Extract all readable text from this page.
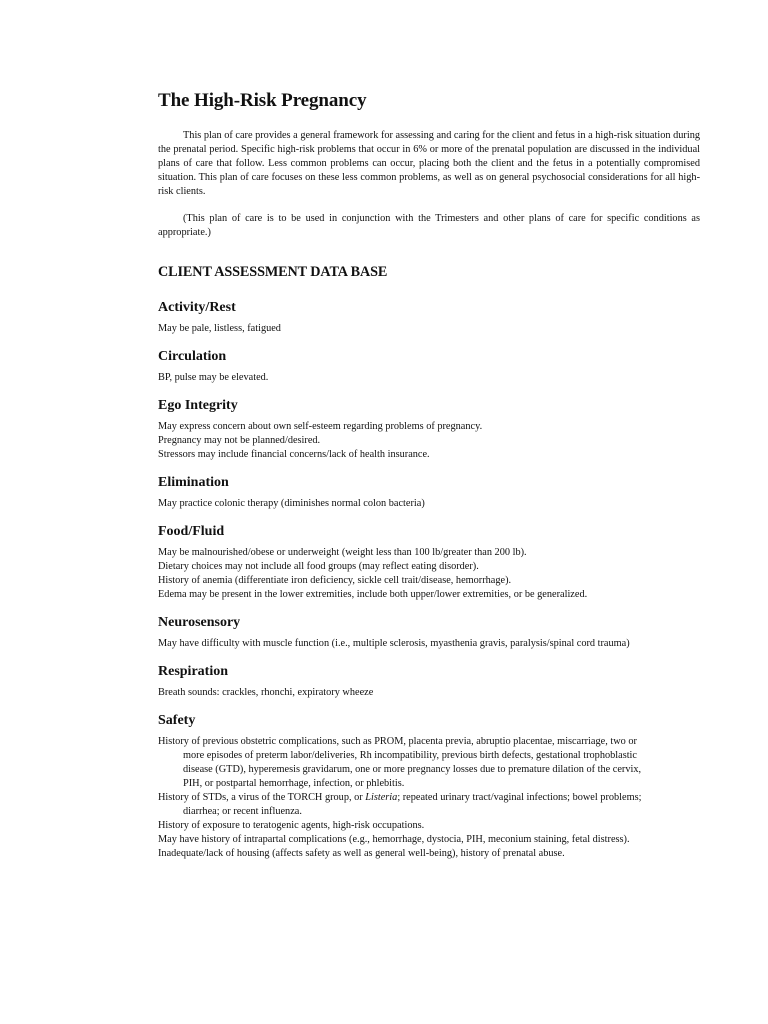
The High-Risk Pregnancy

This plan of care provides a general framework for assessing and caring for the client and fetus in a high-risk situation during the prenatal period. Specific high-risk problems that occur in 6% or more of the prenatal population are discussed in the individual plans of care that follow. Less common problems can occur, placing both the client and the fetus in a potentially compromised situation. This plan of care focuses on these less common problems, as well as on general psychosocial considerations for all high-risk clients.

(This plan of care is to be used in conjunction with the Trimesters and other plans of care for specific conditions as appropriate.)

CLIENT ASSESSMENT DATA BASE
Activity/Rest
May be pale, listless, fatigued
Circulation
BP, pulse may be elevated.
Ego Integrity
May express concern about own self-esteem regarding problems of pregnancy.
Pregnancy may not be planned/desired.
Stressors may include financial concerns/lack of health insurance.
Elimination
May practice colonic therapy (diminishes normal colon bacteria)
Food/Fluid
May be malnourished/obese or underweight (weight less than 100 lb/greater than 200 lb).
Dietary choices may not include all food groups (may reflect eating disorder).
History of anemia (differentiate iron deficiency, sickle cell trait/disease, hemorrhage).
Edema may be present in the lower extremities, include both upper/lower extremities, or be generalized.
Neurosensory
May have difficulty with muscle function (i.e., multiple sclerosis, myasthenia gravis, paralysis/spinal cord trauma)
Respiration
Breath sounds: crackles, rhonchi, expiratory wheeze
Safety
History of previous obstetric complications, such as PROM, placenta previa, abruptio placentae, miscarriage, two or
more episodes of preterm labor/deliveries, Rh incompatibility, previous birth defects, gestational trophoblastic
disease (GTD), hyperemesis gravidarum, one or more pregnancy losses due to premature dilation of the cervix,
PIH, or postpartal hemorrhage, infection, or phlebitis.
History of STDs, a virus of the TORCH group, or Listeria; repeated urinary tract/vaginal infections; bowel problems;
diarrhea; or recent influenza.
History of exposure to teratogenic agents, high-risk occupations.
May have history of intrapartal complications (e.g., hemorrhage, dystocia, PIH, meconium staining, fetal distress).
Inadequate/lack of housing (affects safety as well as general well-being), history of prenatal abuse.
